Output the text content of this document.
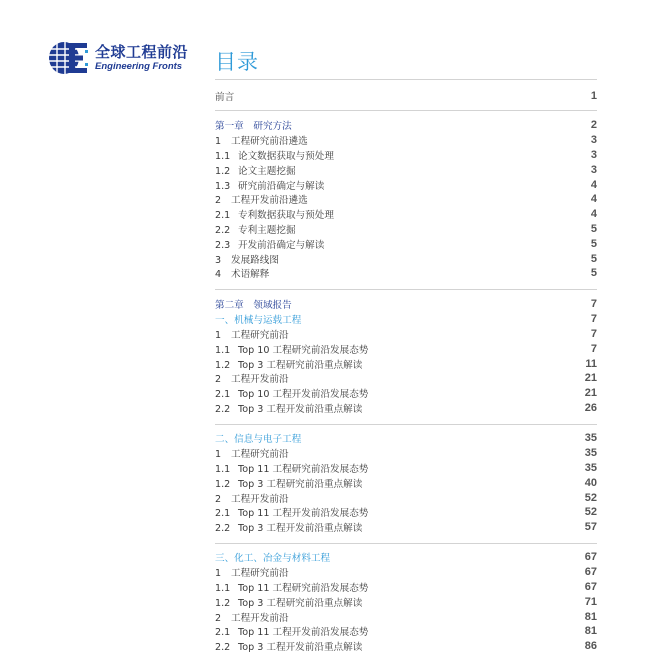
全球工程前沿
Engineering Fronts 目录
前言	1
第一章　研究方法	2
1 工程研究前沿遴选	3
1.1 论文数据获取与预处理	3
1.2 论文主题挖掘	3
1.3 研究前沿确定与解读	4
2 工程开发前沿遴选	4
2.1 专利数据获取与预处理	4
2.2 专利主题挖掘	5
2.3 开发前沿确定与解读	5
3 发展路线图	5
4 术语解释	5
第二章　领域报告	7
一、机械与运载工程	7
1 工程研究前沿	7
1.1 Top 10 工程研究前沿发展态势	7
1.2 Top 3 工程研究前沿重点解读	11
2 工程开发前沿	21
2.1 Top 10 工程开发前沿发展态势	21
2.2 Top 3 工程开发前沿重点解读	26
二、信息与电子工程	35
1 工程研究前沿	35
1.1 Top 11 工程研究前沿发展态势	35
1.2 Top 3 工程研究前沿重点解读	40
2 工程开发前沿	52
2.1 Top 11 工程开发前沿发展态势	52
2.2 Top 3 工程开发前沿重点解读	57
三、化工、冶金与材料工程	67
1 工程研究前沿	67
1.1 Top 11 工程研究前沿发展态势	67
1.2 Top 3 工程研究前沿重点解读	71
2 工程开发前沿	81
2.1 Top 11 工程开发前沿发展态势	81
2.2 Top 3 工程开发前沿重点解读	86
